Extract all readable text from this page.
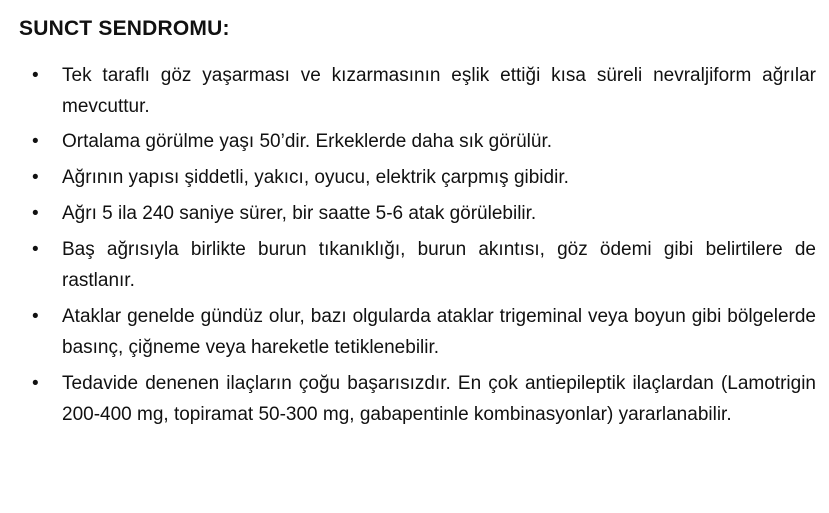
SUNCT SENDROMU:
•	Tek taraflı göz yaşarması ve kızarmasının eşlik ettiği kısa süreli nevraljiform ağrılar mevcuttur.
•	Ortalama görülme yaşı 50’dir. Erkeklerde daha sık görülür.
•	Ağrının yapısı şiddetli, yakıcı, oyucu, elektrik çarpmış gibidir.
•	Ağrı 5 ila 240 saniye sürer, bir saatte 5-6 atak görülebilir.
•	Baş ağrısıyla birlikte burun tıkanıklığı, burun akıntısı, göz ödemi gibi belirtilere de rastlanır.
•	Ataklar genelde gündüz olur, bazı olgularda ataklar trigeminal veya boyun gibi bölgelerde basınç, çiğneme veya hareketle tetiklenebilir.
•	Tedavide denenen ilaçların çoğu başarısızdır. En çok antiepileptik ilaçlardan (Lamotrigin 200-400 mg, topiramat 50-300 mg, gabapentinle kombinasyonlar) yararlanabilir.
